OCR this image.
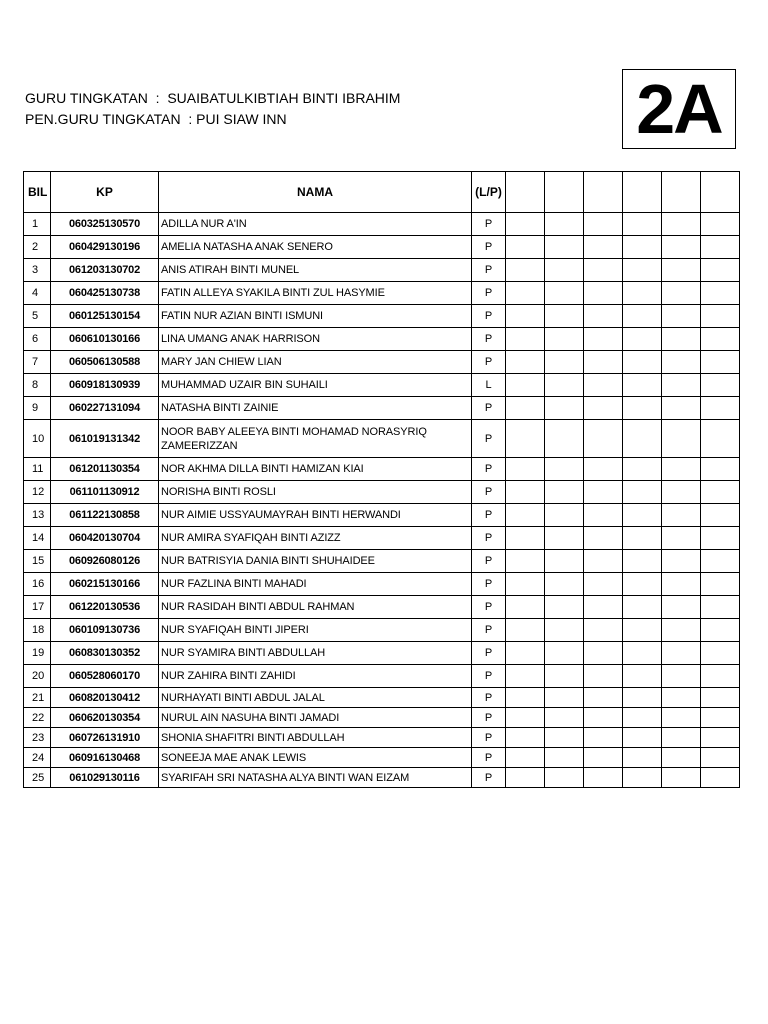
GURU TINGKATAN  :  SUAIBATULKIBTIAH BINTI IBRAHIM
PEN.GURU TINGKATAN  : PUI SIAW INN	2A
BIL	KP	NAMA	(L/P)						
1	060325130570	ADILLA NUR A'IN	P						
2	060429130196	AMELIA NATASHA ANAK SENERO	P						
3	061203130702	ANIS ATIRAH BINTI MUNEL	P						
4	060425130738	FATIN ALLEYA SYAKILA BINTI ZUL HASYMIE	P						
5	060125130154	FATIN NUR AZIAN BINTI ISMUNI	P						
6	060610130166	LINA UMANG ANAK HARRISON	P						
7	060506130588	MARY JAN CHIEW LIAN	P						
8	060918130939	MUHAMMAD UZAIR BIN SUHAILI	L						
9	060227131094	NATASHA BINTI ZAINIE	P						
10	061019131342	NOOR BABY ALEEYA BINTI MOHAMAD NORASYRIQ ZAMEERIZZAN	P						
11	061201130354	NOR AKHMA DILLA BINTI HAMIZAN KIAI	P						
12	061101130912	NORISHA BINTI ROSLI	P						
13	061122130858	NUR AIMIE USSYAUMAYRAH BINTI HERWANDI	P						
14	060420130704	NUR AMIRA SYAFIQAH BINTI AZIZZ	P						
15	060926080126	NUR BATRISYIA DANIA BINTI SHUHAIDEE	P						
16	060215130166	NUR FAZLINA BINTI MAHADI	P						
17	061220130536	NUR RASIDAH BINTI ABDUL RAHMAN	P						
18	060109130736	NUR SYAFIQAH BINTI JIPERI	P						
19	060830130352	NUR SYAMIRA BINTI ABDULLAH	P						
20	060528060170	NUR ZAHIRA BINTI ZAHIDI	P						
21	060820130412	NURHAYATI BINTI ABDUL JALAL	P						
22	060620130354	NURUL AIN NASUHA BINTI JAMADI	P						
23	060726131910	SHONIA SHAFITRI BINTI ABDULLAH	P						
24	060916130468	SONEEJA MAE ANAK LEWIS	P						
25	061029130116	SYARIFAH SRI NATASHA ALYA BINTI WAN EIZAM	P						
